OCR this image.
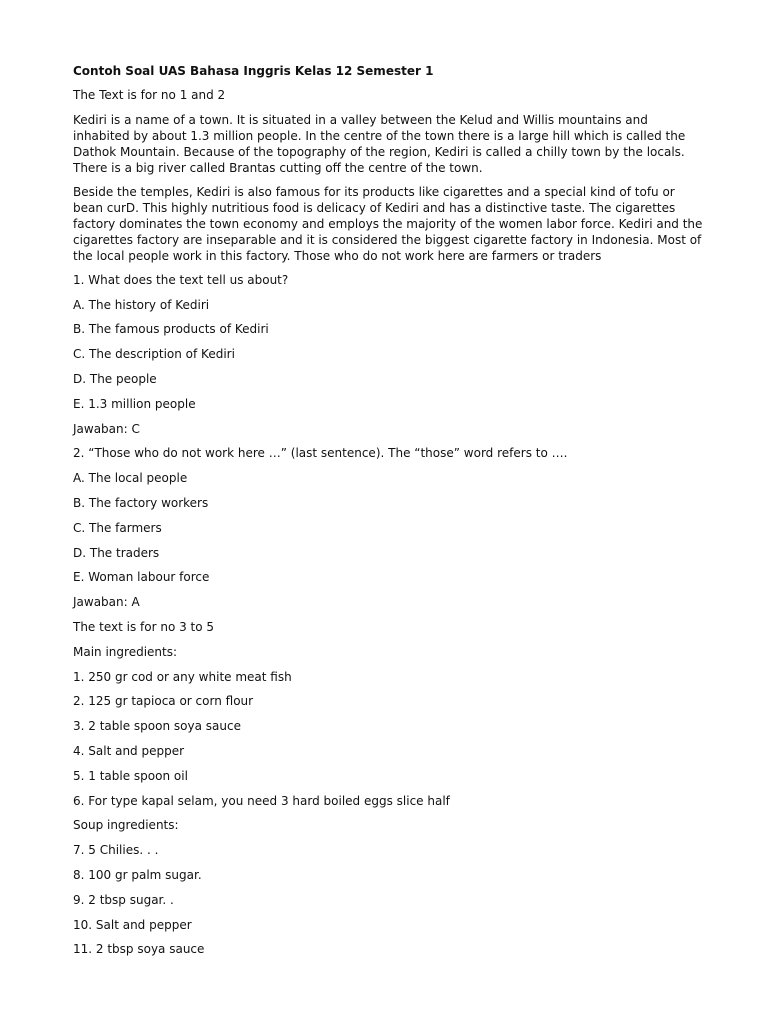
Contoh Soal UAS Bahasa Inggris Kelas 12 Semester 1

The Text is for no 1 and 2

Kediri is a name of a town. It is situated in a valley between the Kelud and Willis mountains and inhabited by about 1.3 million people. In the centre of the town there is a large hill which is called the Dathok Mountain. Because of the topography of the region, Kediri is called a chilly town by the locals. There is a big river called Brantas cutting off the centre of the town.

Beside the temples, Kediri is also famous for its products like cigarettes and a special kind of tofu or bean curD. This highly nutritious food is delicacy of Kediri and has a distinctive taste. The cigarettes factory dominates the town economy and employs the majority of the women labor force. Kediri and the cigarettes factory are inseparable and it is considered the biggest cigarette factory in Indonesia. Most of the local people work in this factory. Those who do not work here are farmers or traders

1. What does the text tell us about?

A. The history of Kediri

B. The famous products of Kediri

C. The description of Kediri

D. The people

E. 1.3 million people

Jawaban: C

2. “Those who do not work here …” (last sentence). The “those” word refers to ….

A. The local people

B. The factory workers

C. The farmers

D. The traders

E. Woman labour force

Jawaban: A

The text is for no 3 to 5

Main ingredients:

1. 250 gr cod or any white meat fish

2. 125 gr tapioca or corn flour

3. 2 table spoon soya sauce

4. Salt and pepper

5. 1 table spoon oil

6. For type kapal selam, you need 3 hard boiled eggs slice half

Soup ingredients:

7. 5 Chilies. . .

8. 100 gr palm sugar.

9. 2 tbsp sugar. .

10. Salt and pepper

11. 2 tbsp soya sauce
